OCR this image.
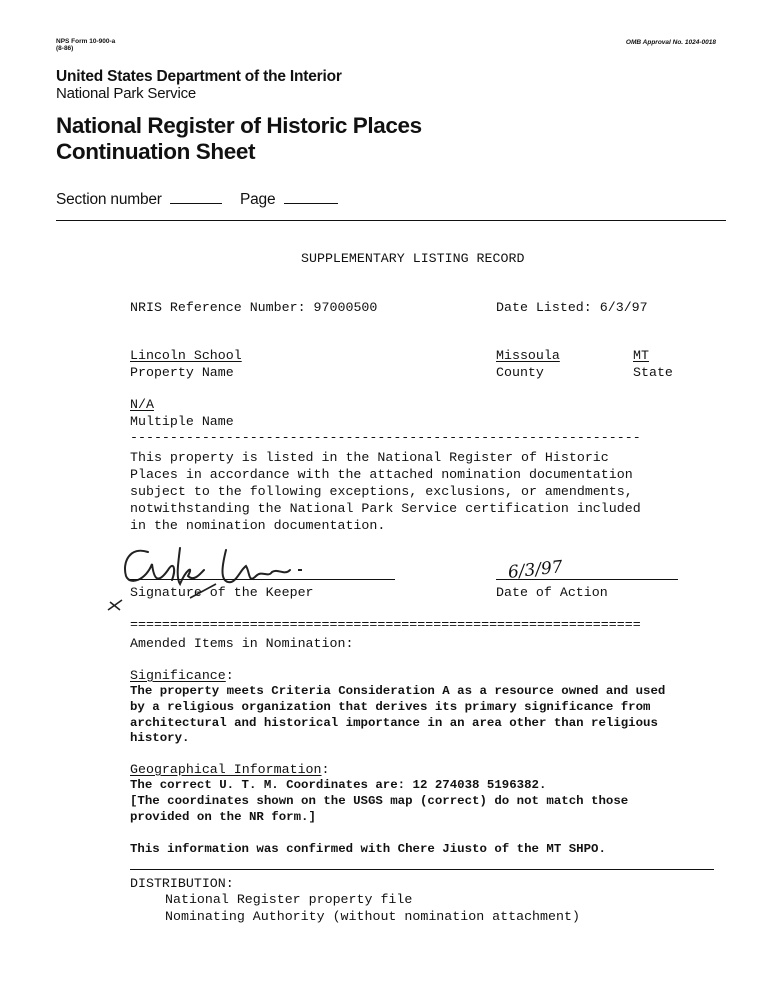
NPS Form 10-900-a
(8-86)
OMB Approval No. 1024-0018
United States Department of the Interior
National Park Service
National Register of Historic Places
Continuation Sheet
Section number	Page
SUPPLEMENTARY LISTING RECORD
NRIS Reference Number: 97000500	Date Listed: 6/3/97
Lincoln School
Property Name
Missoula
County
MT
State
N/A
Multiple Name
----------------------------------------------------------------
This property is listed in the National Register of Historic
Places in accordance with the attached nomination documentation
subject to the following exceptions, exclusions, or amendments,
notwithstanding the National Park Service certification included
in the nomination documentation.
Signature of the Keeper
6/3/97
Date of Action
================================================================
Amended Items in Nomination:
Significance:
The property meets Criteria Consideration A as a resource owned and used
by a religious organization that derives its primary significance from
architectural and historical importance in an area other than religious
history.
Geographical Information:
The correct U. T. M. Coordinates are: 12 274038 5196382.
[The coordinates shown on the USGS map (correct) do not match those
provided on the NR form.]
This information was confirmed with Chere Jiusto of the MT SHPO.
DISTRIBUTION:
National Register property file
Nominating Authority (without nomination attachment)
